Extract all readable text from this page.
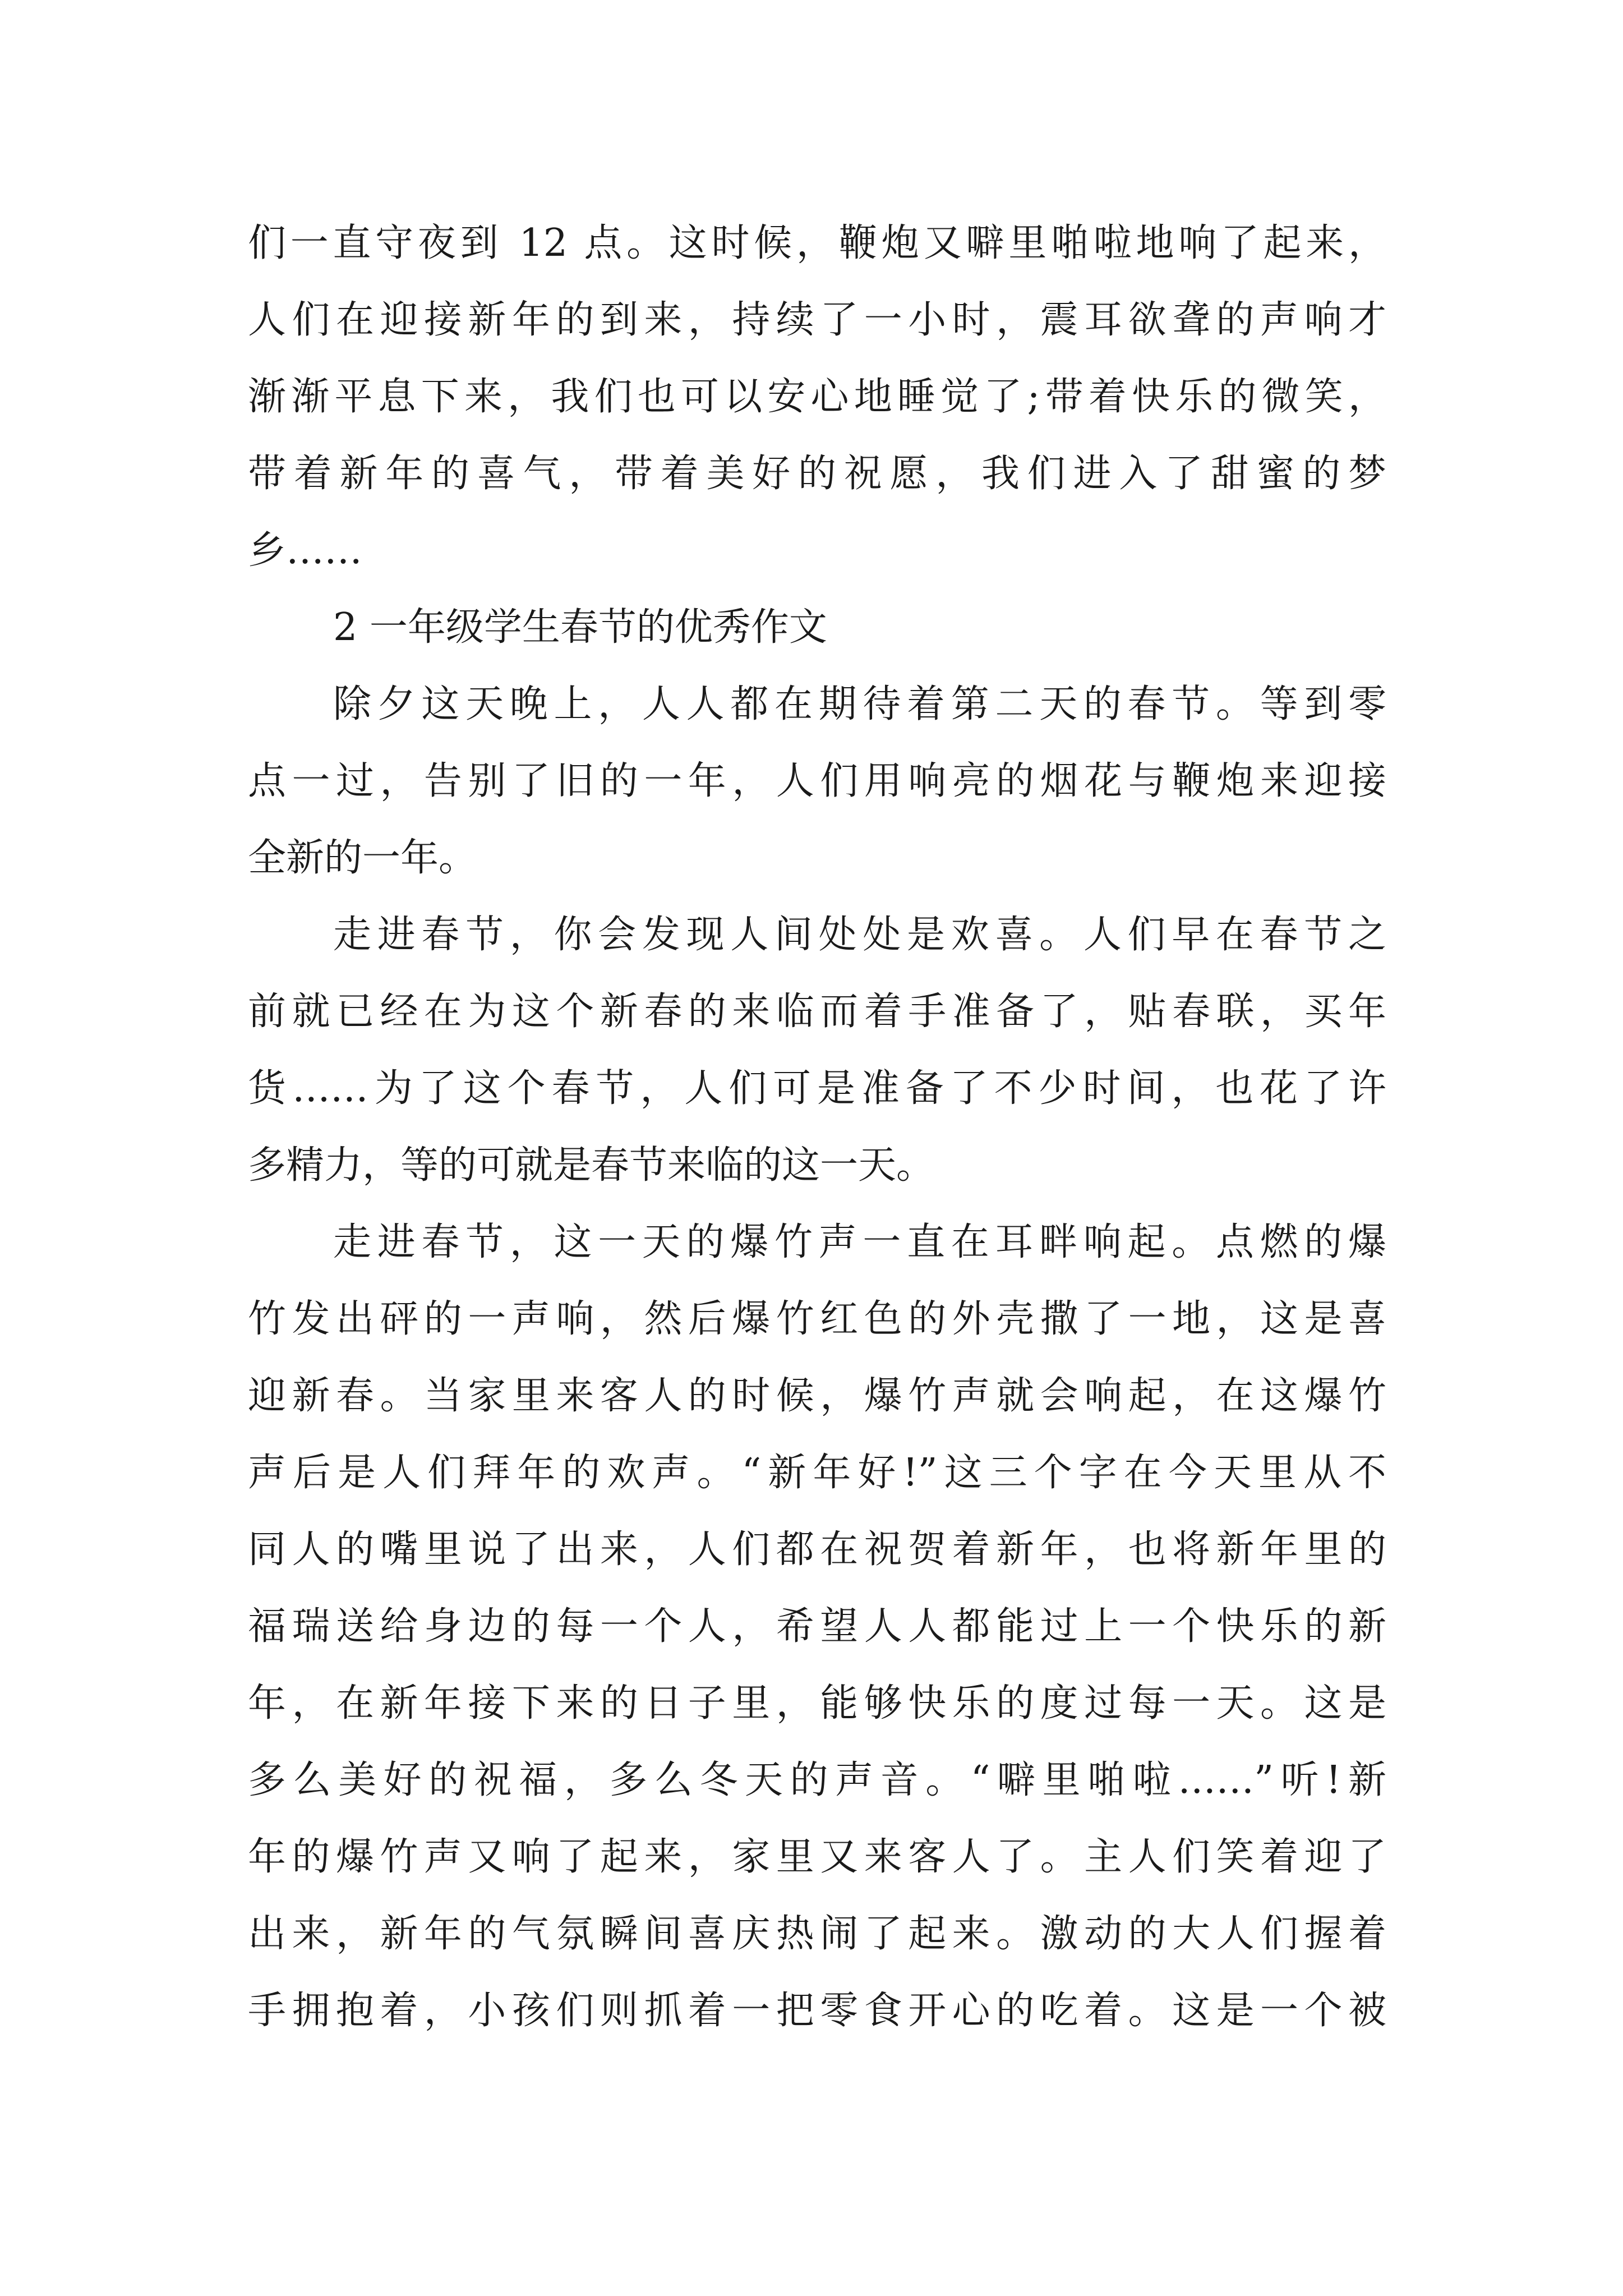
们一直守夜到 12 点。这时候，鞭炮又噼里啪啦地响了起来，
人们在迎接新年的到来，持续了一小时，震耳欲聋的声响才
渐渐平息下来，我们也可以安心地睡觉了;带着快乐的微笑，
带着新年的喜气，带着美好的祝愿，我们进入了甜蜜的梦
乡……
2 一年级学生春节的优秀作文
除夕这天晚上，人人都在期待着第二天的春节。等到零
点一过，告别了旧的一年，人们用响亮的烟花与鞭炮来迎接
全新的一年。
走进春节，你会发现人间处处是欢喜。人们早在春节之
前就已经在为这个新春的来临而着手准备了，贴春联，买年
货……为了这个春节，人们可是准备了不少时间，也花了许
多精力，等的可就是春节来临的这一天。
走进春节，这一天的爆竹声一直在耳畔响起。点燃的爆
竹发出砰的一声响，然后爆竹红色的外壳撒了一地，这是喜
迎新春。当家里来客人的时候，爆竹声就会响起，在这爆竹
声后是人们拜年的欢声。“新年好!”这三个字在今天里从不
同人的嘴里说了出来，人们都在祝贺着新年，也将新年里的
福瑞送给身边的每一个人，希望人人都能过上一个快乐的新
年，在新年接下来的日子里，能够快乐的度过每一天。这是
多么美好的祝福，多么冬天的声音。“噼里啪啦……”听!新
年的爆竹声又响了起来，家里又来客人了。主人们笑着迎了
出来，新年的气氛瞬间喜庆热闹了起来。激动的大人们握着
手拥抱着，小孩们则抓着一把零食开心的吃着。这是一个被
